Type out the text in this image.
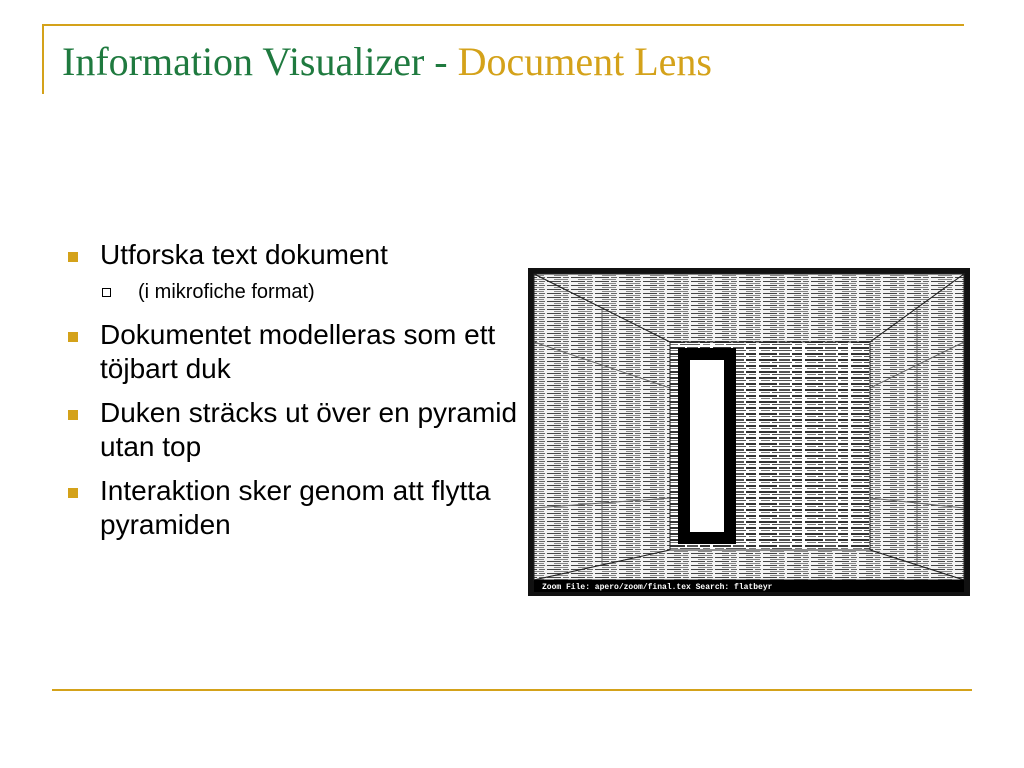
Information Visualizer - Document Lens
Utforska text dokument
(i mikrofiche format)
Dokumentet modelleras som ett töjbart duk
Duken sträcks ut över en pyramid utan top
Interaktion sker genom att flytta pyramiden
Zoom File: apero/zoom/final.tex Search: flatbeyr
